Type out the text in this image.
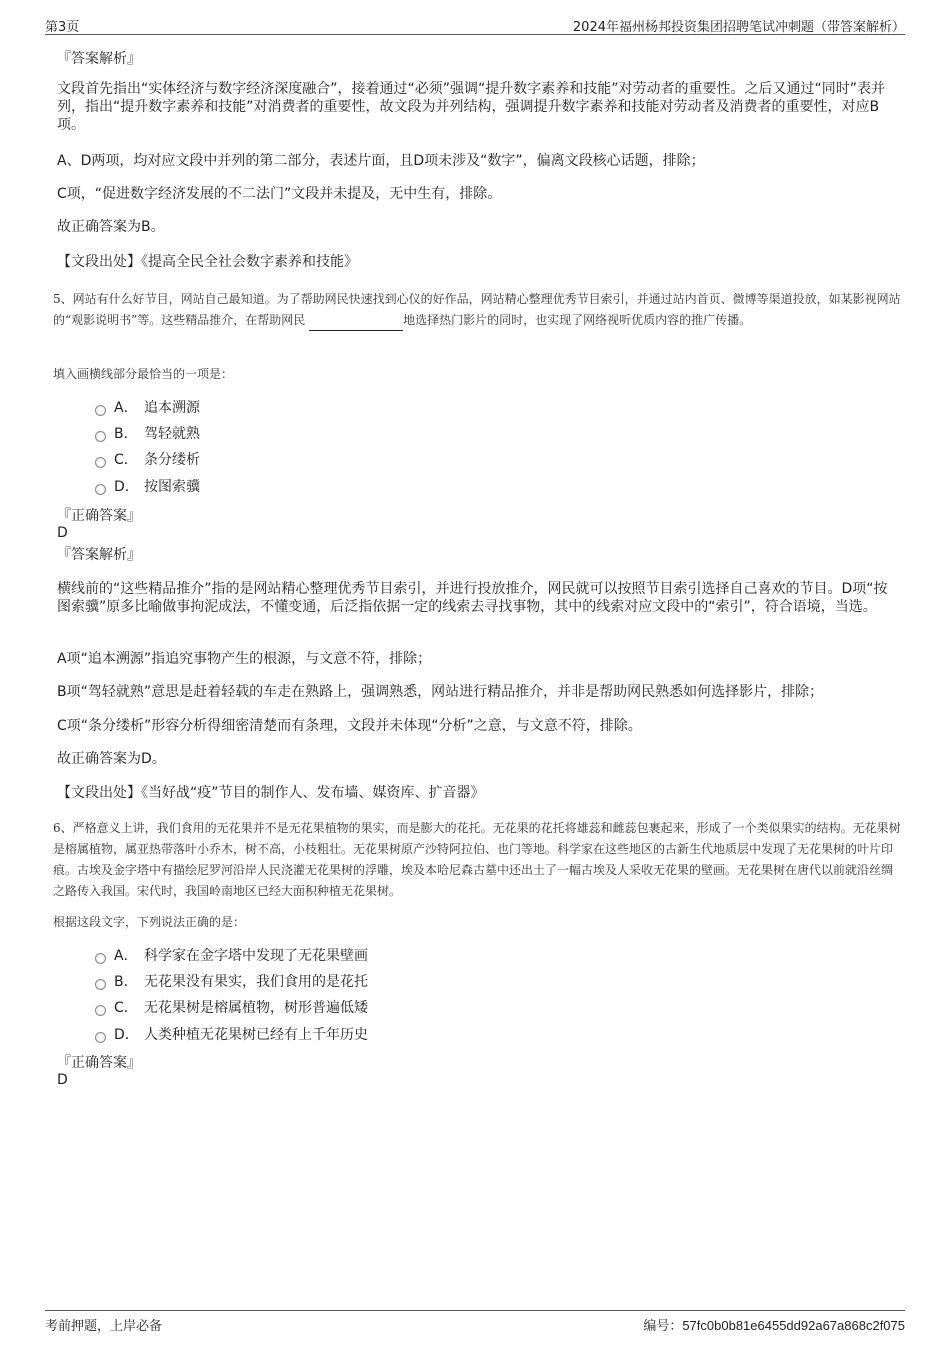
第3页	2024年福州杨邦投资集团招聘笔试冲刺题（带答案解析）
『答案解析』
文段首先指出“实体经济与数字经济深度融合”，接着通过“必须”强调“提升数字素养和技能”对劳动者的重要性。之后又通过“同时”表并列，指出“提升数字素养和技能”对消费者的重要性，故文段为并列结构，强调提升数字素养和技能对劳动者及消费者的重要性，对应B项。
A、D两项，均对应文段中并列的第二部分，表述片面，且D项未涉及“数字”，偏离文段核心话题，排除；
C项，“促进数字经济发展的不二法门”文段并未提及，无中生有，排除。
故正确答案为B。
【文段出处】《提高全民全社会数字素养和技能》
5、网站有什么好节目，网站自己最知道。为了帮助网民快速找到心仪的好作品，网站精心整理优秀节目索引，并通过站内首页、微博等渠道投放，如某影视网站的“观影说明书”等。这些精品推介，在帮助网民	地选择热门影片的同时，也实现了网络视听优质内容的推广传播。
填入画横线部分最恰当的一项是：
A． 追本溯源
B． 驾轻就熟
C． 条分缕析
D． 按图索骥
『正确答案』
D
『答案解析』
横线前的“这些精品推介”指的是网站精心整理优秀节目索引，并进行投放推介，网民就可以按照节目索引选择自己喜欢的节目。D项“按图索骥”原多比喻做事拘泥成法，不懂变通，后泛指依据一定的线索去寻找事物，其中的线索对应文段中的“索引”，符合语境，当选。
A项“追本溯源”指追究事物产生的根源，与文意不符，排除；
B项“驾轻就熟”意思是赶着轻载的车走在熟路上，强调熟悉，网站进行精品推介，并非是帮助网民熟悉如何选择影片，排除；
C项“条分缕析”形容分析得细密清楚而有条理，文段并未体现“分析”之意，与文意不符，排除。
故正确答案为D。
【文段出处】《当好战“疫”节目的制作人、发布墙、媒资库、扩音器》
6、严格意义上讲，我们食用的无花果并不是无花果植物的果实，而是膨大的花托。无花果的花托将雄蕊和雌蕊包裹起来，形成了一个类似果实的结构。无花果树是榕属植物，属亚热带落叶小乔木，树不高，小枝粗壮。无花果树原产沙特阿拉伯、也门等地。科学家在这些地区的古新生代地质层中发现了无花果树的叶片印痕。古埃及金字塔中有描绘尼罗河沿岸人民浇灌无花果树的浮雕，埃及本哈尼森古墓中还出土了一幅古埃及人采收无花果的壁画。无花果树在唐代以前就沿丝绸之路传入我国。宋代时，我国岭南地区已经大面积种植无花果树。
根据这段文字，下列说法正确的是：
A． 科学家在金字塔中发现了无花果壁画
B． 无花果没有果实，我们食用的是花托
C． 无花果树是榕属植物，树形普遍低矮
D． 人类种植无花果树已经有上千年历史
『正确答案』
D
考前押题，上岸必备	编号：57fc0b0b81e6455dd92a67a868c2f075
